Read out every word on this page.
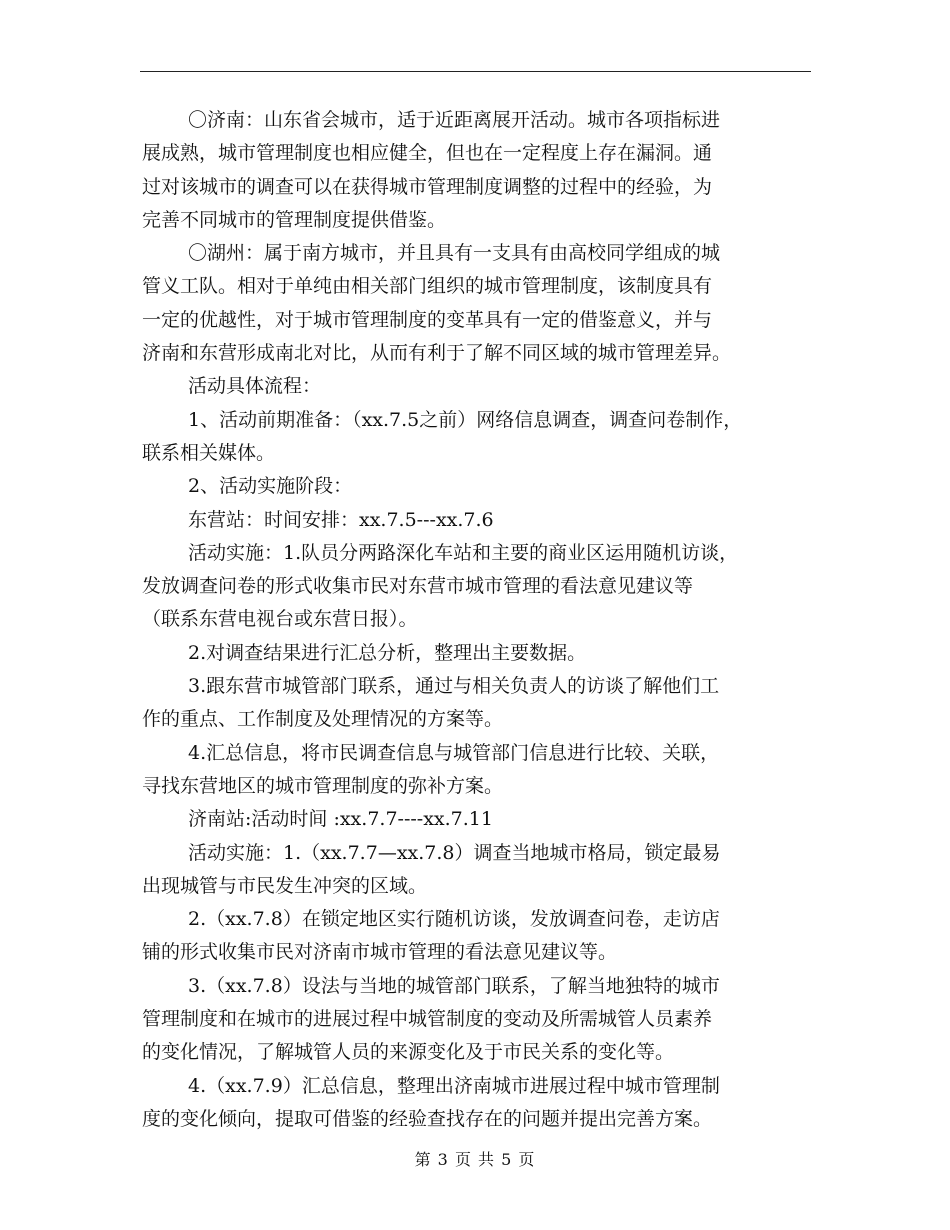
〇济南：山东省会城市，适于近距离展开活动。城市各项指标进
展成熟，城市管理制度也相应健全，但也在一定程度上存在漏洞。通
过对该城市的调查可以在获得城市管理制度调整的过程中的经验，为
完善不同城市的管理制度提供借鉴。
〇湖州：属于南方城市，并且具有一支具有由高校同学组成的城
管义工队。相对于单纯由相关部门组织的城市管理制度，该制度具有
一定的优越性，对于城市管理制度的变革具有一定的借鉴意义，并与
济南和东营形成南北对比，从而有利于了解不同区域的城市管理差异。
活动具体流程：
1、活动前期准备：（xx.7.5之前）网络信息调查，调查问卷制作，
联系相关媒体。
2、活动实施阶段：
东营站：时间安排：xx.7.5---xx.7.6
活动实施：1.队员分两路深化车站和主要的商业区运用随机访谈，
发放调查问卷的形式收集市民对东营市城市管理的看法意见建议等
（联系东营电视台或东营日报）。
2.对调查结果进行汇总分析，整理出主要数据。
3.跟东营市城管部门联系，通过与相关负责人的访谈了解他们工
作的重点、工作制度及处理情况的方案等。
4.汇总信息，将市民调查信息与城管部门信息进行比较、关联，
寻找东营地区的城市管理制度的弥补方案。
济南站:活动时间 :xx.7.7----xx.7.11
活动实施：1.（xx.7.7—xx.7.8）调查当地城市格局，锁定最易
出现城管与市民发生冲突的区域。
2.（xx.7.8）在锁定地区实行随机访谈，发放调查问卷，走访店
铺的形式收集市民对济南市城市管理的看法意见建议等。
3.（xx.7.8）设法与当地的城管部门联系，了解当地独特的城市
管理制度和在城市的进展过程中城管制度的变动及所需城管人员素养
的变化情况，了解城管人员的来源变化及于市民关系的变化等。
4.（xx.7.9）汇总信息，整理出济南城市进展过程中城市管理制
度的变化倾向，提取可借鉴的经验查找存在的问题并提出完善方案。
第 3 页 共 5 页
